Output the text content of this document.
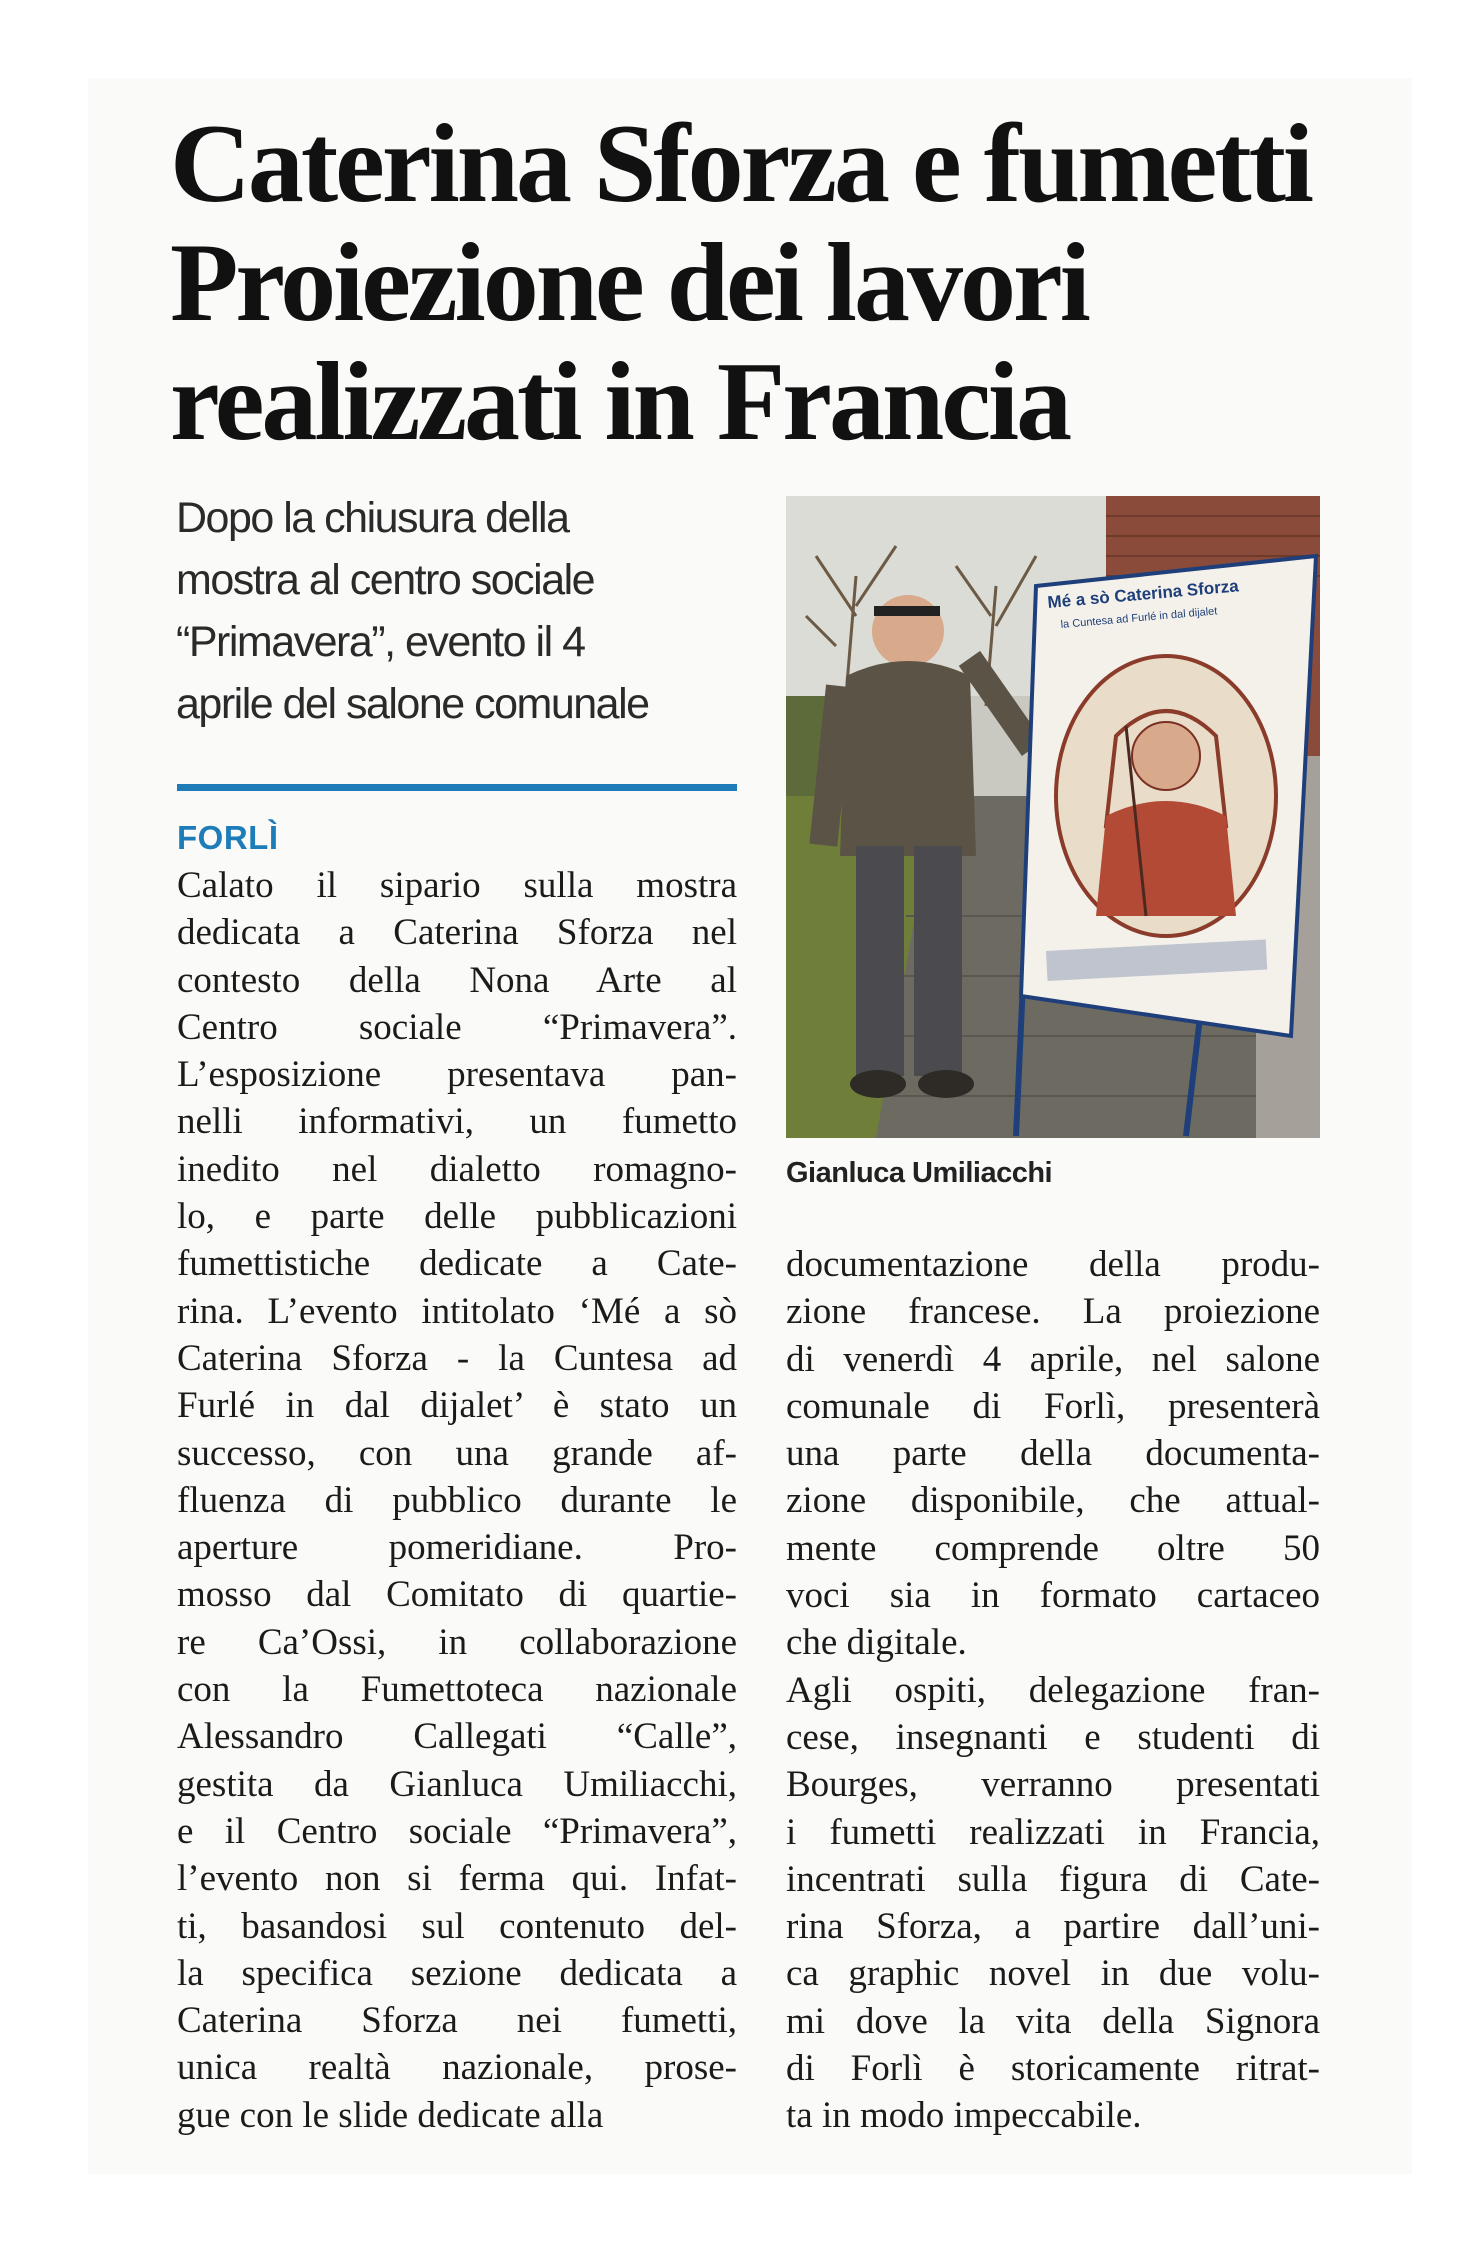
Caterina Sforza e fumetti
Proiezione dei lavori
realizzati in Francia
Dopo la chiusura della
mostra al centro sociale
“Primavera”, evento il 4
aprile del salone comunale
FORLÌ
Calato il sipario sulla mostra
dedicata a Caterina Sforza nel
contesto della Nona Arte al
Centro sociale “Primavera”.
L’esposizione presentava pan-
nelli informativi, un fumetto
inedito nel dialetto romagno-
lo, e parte delle pubblicazioni
fumettistiche dedicate a Cate-
rina. L’evento intitolato ‘Mé a sò
Caterina Sforza - la Cuntesa ad
Furlé in dal dijalet’ è stato un
successo, con una grande af-
fluenza di pubblico durante le
aperture pomeridiane. Pro-
mosso dal Comitato di quartie-
re Ca’Ossi, in collaborazione
con la Fumettoteca nazionale
Alessandro Callegati “Calle”,
gestita da Gianluca Umiliacchi,
e il Centro sociale “Primavera”,
l’evento non si ferma qui. Infat-
ti, basandosi sul contenuto del-
la specifica sezione dedicata a
Caterina Sforza nei fumetti,
unica realtà nazionale, prose-
gue con le slide dedicate alla
documentazione della produ-
zione francese. La proiezione
di venerdì 4 aprile, nel salone
comunale di Forlì, presenterà
una parte della documenta-
zione disponibile, che attual-
mente comprende oltre 50
voci sia in formato cartaceo
che digitale.
Agli ospiti, delegazione fran-
cese, insegnanti e studenti di
Bourges, verranno presentati
i fumetti realizzati in Francia,
incentrati sulla figura di Cate-
rina Sforza, a partire dall’uni-
ca graphic novel in due volu-
mi dove la vita della Signora
di Forlì è storicamente ritrat-
ta in modo impeccabile.
Mé a sò Caterina Sforza
la Cuntesa ad Furlé in dal dijalet
Gianluca Umiliacchi
